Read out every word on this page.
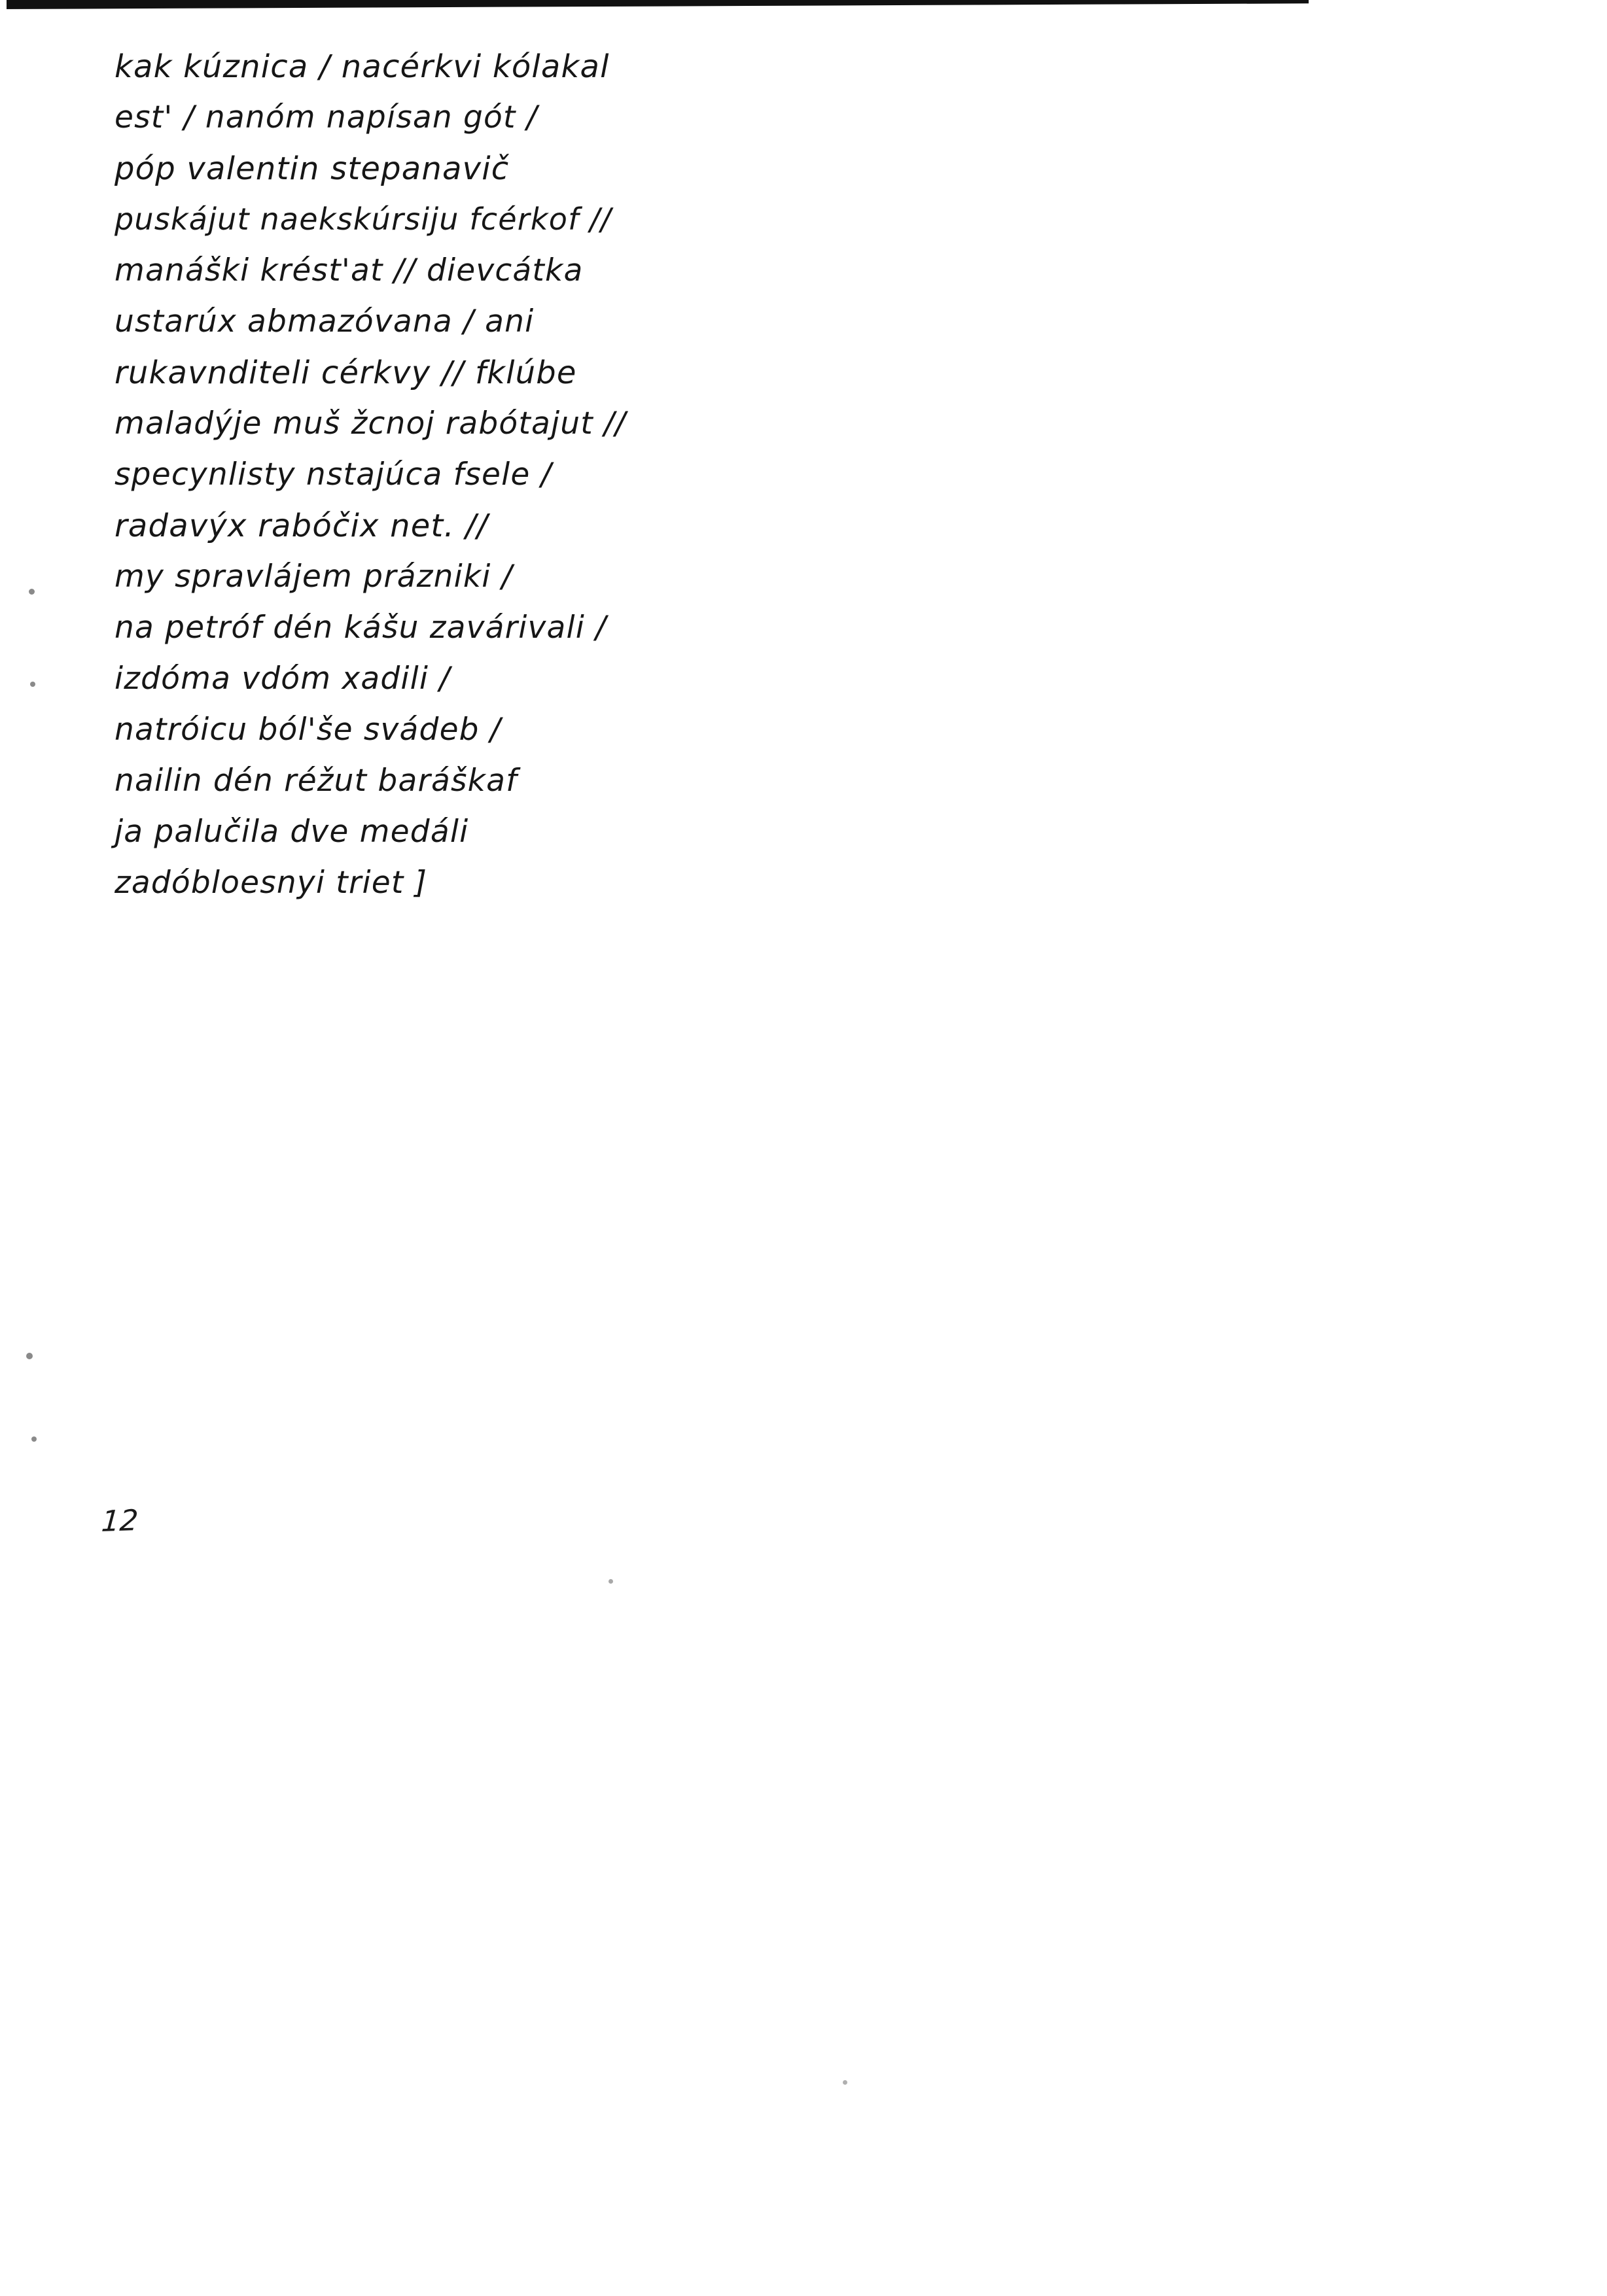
kak kúznica / nacérkvi kólakal
est' / nanóm napísan gót /
póp valentin stepanavič
puskájut naekskúrsiju fcérkof //
manáški krést'at // dievcátka
ustarúx abmazóvana / ani
rukavnditeli cérkvy // fklúbe
maladýje muš žcnoj rabótajut //
specynlisty nstajúca fsele /
radavýx rabóčix net. //
my spravlájem prázniki /
na petróf dén kášu zavárivali /
izdóma vdóm xadili /
natróicu ból'še svádeb /
nailin dén réžut baráškaf
ja palučila dve medáli
zadóbloesnyi triet ]
12
